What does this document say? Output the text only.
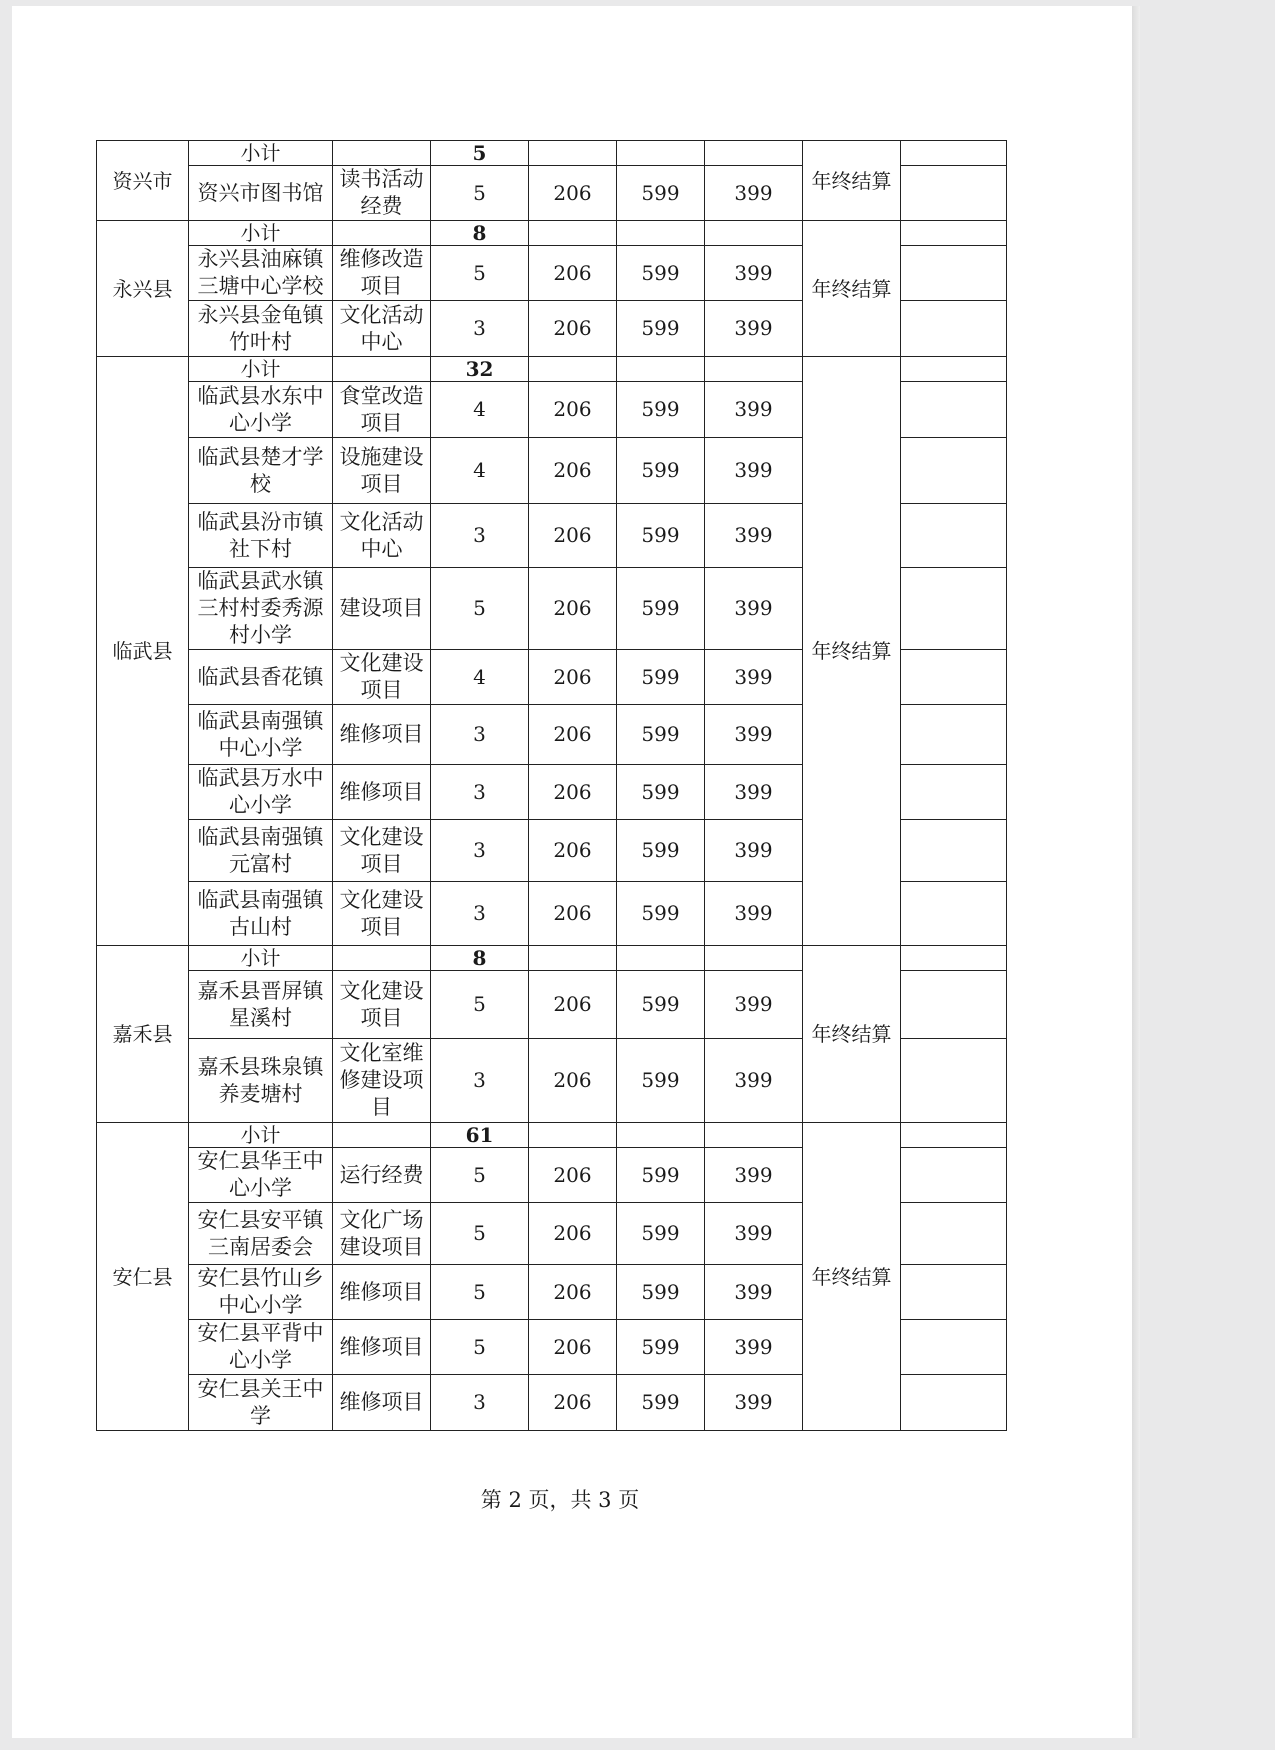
资兴市	小计		5				年终结算	
	资兴市图书馆	读书活动经费	5	206	599	399		
永兴县	小计		8				年终结算	
	永兴县油麻镇三塘中心学校	维修改造项目	5	206	599	399		
	永兴县金龟镇竹叶村	文化活动中心	3	206	599	399		
临武县	小计		32				年终结算	
	临武县水东中心小学	食堂改造项目	4	206	599	399		
	临武县楚才学校	设施建设项目	4	206	599	399		
	临武县汾市镇社下村	文化活动中心	3	206	599	399		
	临武县武水镇三村村委秀源村小学	建设项目	5	206	599	399		
	临武县香花镇	文化建设项目	4	206	599	399		
	临武县南强镇中心小学	维修项目	3	206	599	399		
	临武县万水中心小学	维修项目	3	206	599	399		
	临武县南强镇元富村	文化建设项目	3	206	599	399		
	临武县南强镇古山村	文化建设项目	3	206	599	399		
嘉禾县	小计		8				年终结算	
	嘉禾县晋屏镇星溪村	文化建设项目	5	206	599	399		
	嘉禾县珠泉镇养麦塘村	文化室维修建设项目	3	206	599	399		
安仁县	小计		61				年终结算	
	安仁县华王中心小学	运行经费	5	206	599	399		
	安仁县安平镇三南居委会	文化广场建设项目	5	206	599	399		
	安仁县竹山乡中心小学	维修项目	5	206	599	399		
	安仁县平背中心小学	维修项目	5	206	599	399		
	安仁县关王中学	维修项目	3	206	599	399		
第 2 页，共 3 页
